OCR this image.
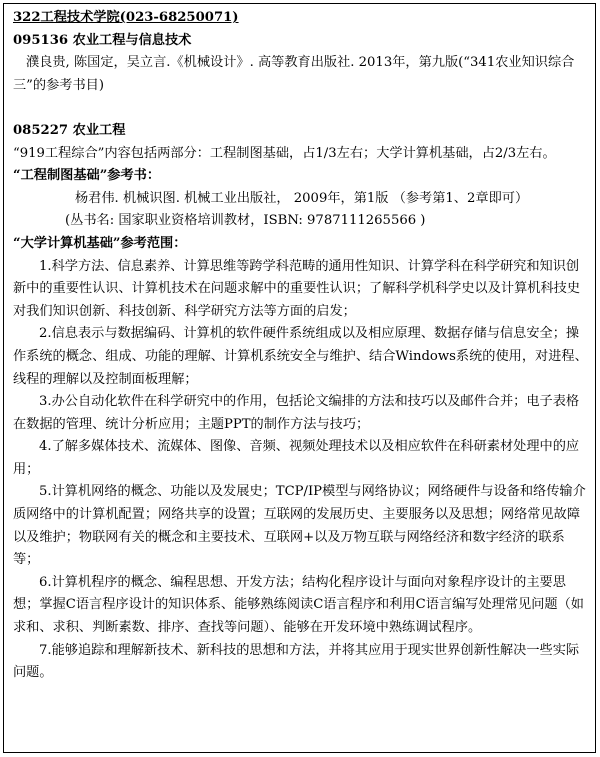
322工程技术学院(023-68250071)

095136 农业工程与信息技术

濮良贵, 陈国定，吴立言.《机械设计》. 高等教育出版社. 2013年，第九版(“341农业知识综合三”的参考书目)

085227 农业工程

“919工程综合”内容包括两部分：工程制图基础，占1/3左右；大学计算机基础，占2/3左右。

“工程制图基础”参考书：

杨君伟. 机械识图. 机械工业出版社， 2009年，第1版 （参考第1、2章即可）

(丛书名: 国家职业资格培训教材，ISBN: 9787111265566 )

“大学计算机基础”参考范围：

1.科学方法、信息素养、计算思维等跨学科范畴的通用性知识、计算学科在科学研究和知识创新中的重要性认识、计算机技术在问题求解中的重要性认识；了解科学机科学史以及计算机科技史对我们知识创新、科技创新、科学研究方法等方面的启发；

2.信息表示与数据编码、计算机的软件硬件系统组成以及相应原理、数据存储与信息安全；操作系统的概念、组成、功能的理解、计算机系统安全与维护、结合Windows系统的使用，对进程、线程的理解以及控制面板理解；

3.办公自动化软件在科学研究中的作用，包括论文编排的方法和技巧以及邮件合并；电子表格在数据的管理、统计分析应用；主题PPT的制作方法与技巧；

4.了解多媒体技术、流媒体、图像、音频、视频处理技术以及相应软件在科研素材处理中的应用；

5.计算机网络的概念、功能以及发展史；TCP/IP模型与网络协议；网络硬件与设备和络传输介质网络中的计算机配置；网络共享的设置；互联网的发展历史、主要服务以及思想；网络常见故障以及维护；物联网有关的概念和主要技术、互联网+以及万物互联与网络经济和数字经济的联系等；

6.计算机程序的概念、编程思想、开发方法；结构化程序设计与面向对象程序设计的主要思想；掌握C语言程序设计的知识体系、能够熟练阅读C语言程序和利用C语言编写处理常见问题（如求和、求积、判断素数、排序、查找等问题）、能够在开发环境中熟练调试程序。

7.能够追踪和理解新技术、新科技的思想和方法，并将其应用于现实世界创新性解决一些实际问题。
